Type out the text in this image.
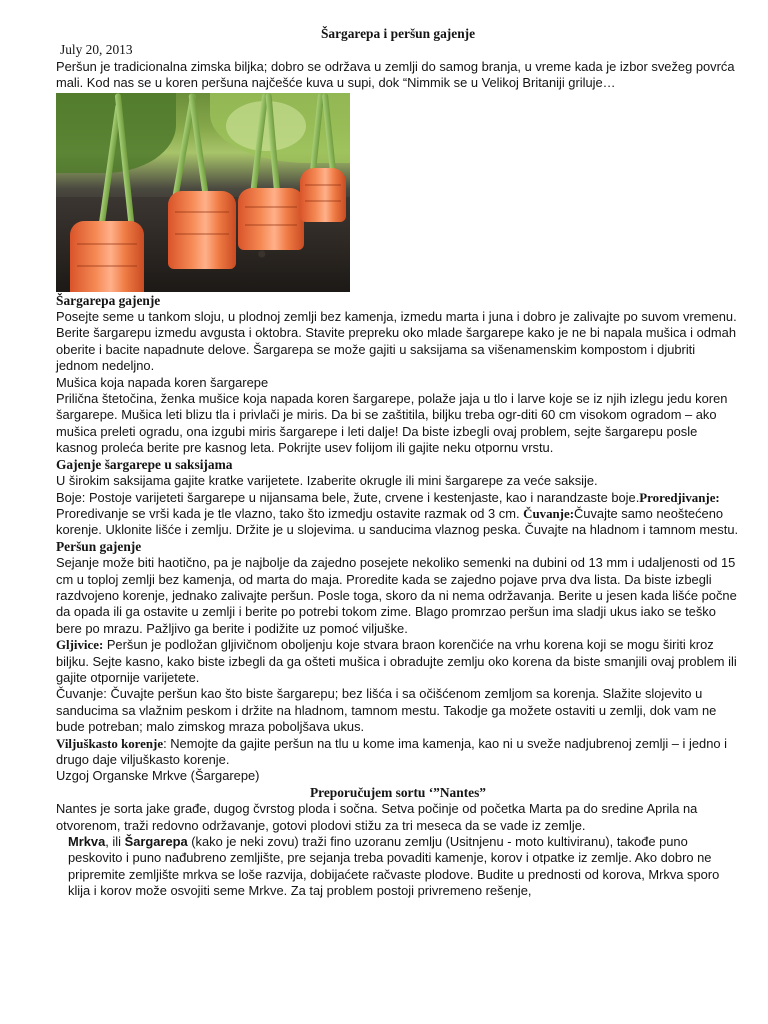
Šargarepa i peršun gajenje

July 20, 2013

Peršun je tradicionalna zimska biljka; dobro se održava u zemlji do samog branja, u vreme kada je izbor svežeg povrća mali. Kod nas se u koren peršuna najčešće kuva u supi, dok “Nimmik se u Velikoj Britaniji griluje…

Šargarepa gajenje

Posejte seme u tankom sloju, u plodnoj zemlji bez kamenja, izmedu marta i juna i dobro je zalivajte po suvom vremenu. Berite šargarepu izmedu avgusta i oktobra. Stavite prepreku oko mlade šargarepe kako je ne bi napala mušica i odmah oberite i bacite napadnute delove. Šargarepa se može gajiti u saksijama sa višenamenskim kompostom i djubriti jednom nedeljno.

Mušica koja napada koren šargarepe

Prilična štetočina, ženka mušice koja napada koren šargarepe, polaže jaja u tlo i larve koje se iz njih izlegu jedu koren šargarepe. Mušica leti blizu tla i privlači je miris. Da bi se zaštitila, biljku treba ogr-diti 60 cm visokom ogradom – ako mušica preleti ogradu, ona izgubi miris šargarepe i leti dalje! Da biste izbegli ovaj problem, sejte šargarepu posle kasnog proleća berite pre kasnog leta. Pokrijte usev folijom ili gajite neku otpornu vrstu.

Gajenje šargarepe u saksijama

U širokim saksijama gajite kratke varijetete. Izaberite okrugle ili mini šargarepe za veće saksije.

Boje: Postoje varijeteti šargarepe u nijansama bele, žute, crvene i kestenjaste, kao i narandzaste boje.Proredjivanje: Proredivanje se vrši kada je tle vlazno, tako što izmedju ostavite razmak od 3 cm. Čuvanje:Čuvajte samo neoštećeno korenje. Uklonite lišće i zemlju. Držite je u slojevima. u sanducima vlaznog peska. Čuvajte na hladnom i tamnom mestu.

Peršun gajenje

Sejanje može biti haotično, pa je najbolje da zajedno posejete nekoliko semenki na dubini od 13 mm i udaljenosti od 15 cm u toploj zemlji bez kamenja, od marta do maja. Proredite kada se zajedno pojave prva dva lista. Da biste izbegli razdvojeno korenje, jednako zalivajte peršun. Posle toga, skoro da ni nema održavanja. Berite u jesen kada lišće počne da opada ili ga ostavite u zemlji i berite po potrebi tokom zime. Blago promrzao peršun ima sladji ukus iako se teško bere po mrazu. Pažljivo ga berite i podižite uz pomoć viljuške.

Gljivice: Peršun je podložan gljivičnom oboljenju koje stvara braon korenčiće na vrhu korena koji se mogu širiti kroz biljku. Sejte kasno, kako biste izbegli da ga ošteti mušica i obradujte zemlju oko korena da biste smanjili ovaj problem ili gajite otpornije varijetete.

Čuvanje: Čuvajte peršun kao što biste šargarepu; bez lišća i sa očišćenom zemljom sa korenja. Slažite slojevito u sanducima sa vlažnim peskom i držite na hladnom, tamnom mestu. Takodje ga možete ostaviti u zemlji, dok vam ne bude potreban; malo zimskog mraza poboljšava ukus.

Viljuškasto korenje: Nemojte da gajite peršun na tlu u kome ima kamenja, kao ni u sveže nadjubrenoj zemlji – i jedno i drugo daje viljuškasto korenje.

Uzgoj Organske Mrkve (Šargarepe)

Preporučujem sortu ‘”Nantes”

Nantes je sorta jake građe, dugog čvrstog ploda i sočna. Setva počinje od početka Marta pa do sredine Aprila na otvorenom, traži redovno održavanje, gotovi plodovi stižu za tri meseca da se vade iz zemlje.

Mrkva, ili Šargarepa (kako je neki zovu) traži fino uzoranu zemlju (Usitnjenu - moto kultiviranu), takođe puno peskovito i puno nađubreno zemljište, pre sejanja treba povaditi kamenje, korov i otpatke iz zemlje. Ako dobro ne pripremite zemljište mrkva se loše razvija, dobijaćete račvaste plodove. Budite u prednosti od korova, Mrkva sporo klija i korov može osvojiti seme Mrkve. Za taj problem postoji privremeno rešenje,
